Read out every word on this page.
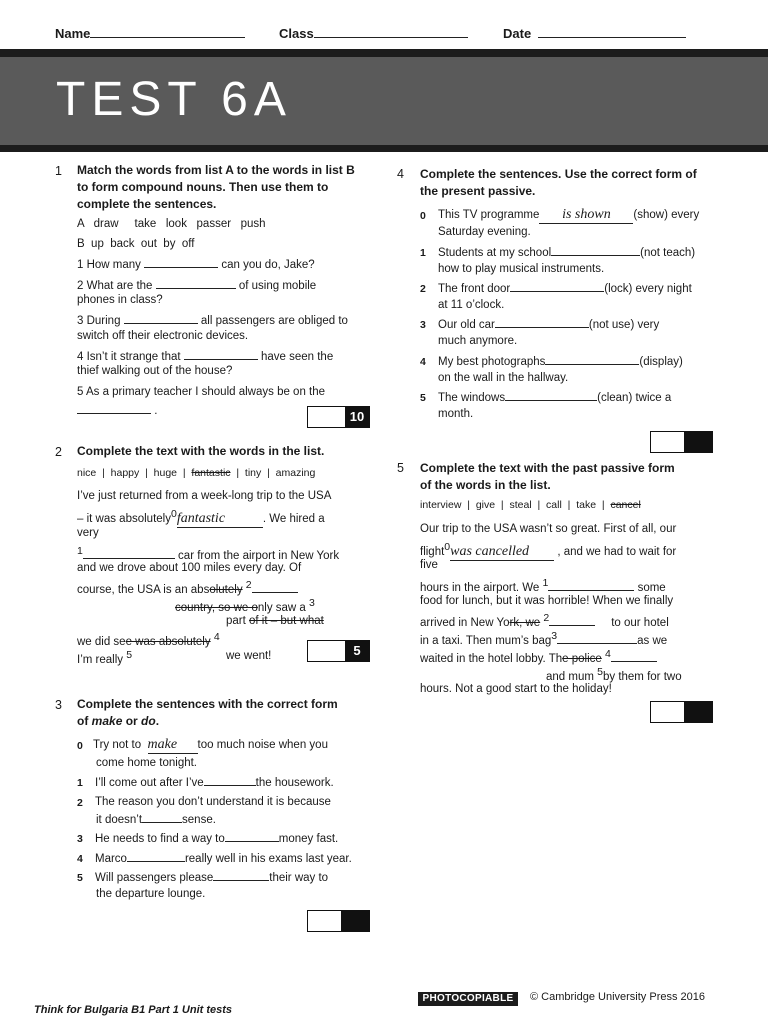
Name	Class	Date
TEST 6A
1 Match the words from list A to the words in list B
to form compound nouns. Then use them to
complete the sentences.
A   draw     take   look   passer   push
B  up  back  out  by  off
1 How many	can you do, Jake?
2 What are the	of using mobile
phones in class?
3 During	all passengers are obliged to
switch off their electronic devices.
4 Isn’t it strange that	have seen the
thief walking out of the house?
5 As a primary teacher I should always be on the
.	10
2 Complete the text with the words in the list.
nice  |  happy  |  huge  |  fantastic  |  tiny  |  amazing
I’ve just returned from a week-long trip to the USA
– it was absolutely$^0$fantastic	. We hired a
very
$^1$	car from the airport in New York
and we drove about 100 miles every day. Of
course, the USA is an absolutely $^2$
country, so we only saw a $^3$
part of it – but what
we did see was absolutely $^4$
I’m really $^5$	we went!	5
3 Complete the sentences with the correct form
of make or do.
0 Try not to make too much noise when you
come home tonight.
1 I’ll come out after I’ve	the housework.
2 The reason you don’t understand it is because
it doesn’t	sense.
3 He needs to find a way to	money fast.
4 Marco	really well in his exams last year.
5 Will passengers please	their way to
the departure lounge.
4 Complete the sentences. Use the correct form of
the present passive.
0 This TV programme is shown (show) every
Saturday evening.
1 Students at my school	(not teach)
how to play musical instruments.
2 The front door	(lock) every night
at 11 o’clock.
3 Our old car	(not use) very
much anymore.
4 My best photographs	(display)
on the wall in the hallway.
5 The windows	(clean) twice a
month.
5 Complete the text with the past passive form
of the words in the list.
interview  |  give  |  steal  |  call  |  take  |  cancel
Our trip to the USA wasn’t so great. First of all, our
flight$^0$was cancelled , and we had to wait for
five
hours in the airport. We $^1$	some
food for lunch, but it was horrible! When we finally
arrived in New York, we $^2$	to our hotel
in a taxi. Then mum’s bag$^3$	as we
waited in the hotel lobby. The police $^4$
and mum $^5$by them for two
hours. Not a good start to the holiday!
Think for Bulgaria B1 Part 1 Unit tests
PHOTOCOPIABLE	© Cambridge University Press 2016
